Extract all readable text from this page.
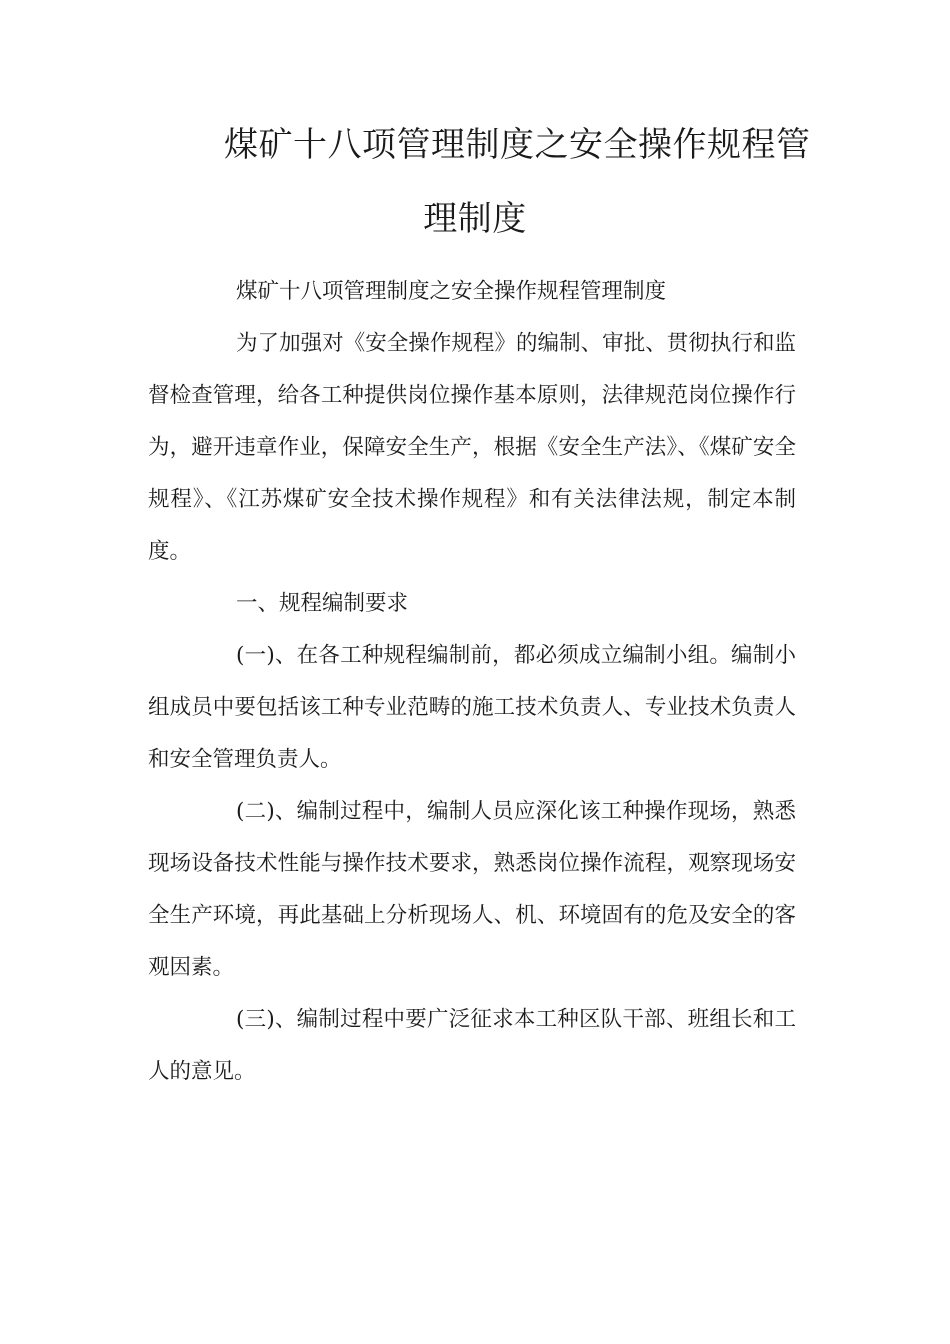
煤矿十八项管理制度之安全操作规程管
理制度

煤矿十八项管理制度之安全操作规程管理制度

为了加强对《安全操作规程》的编制、审批、贯彻执行和监督检查管理，给各工种提供岗位操作基本原则，法律规范岗位操作行为，避开违章作业，保障安全生产，根据《安全生产法》、《煤矿安全规程》、《江苏煤矿安全技术操作规程》和有关法律法规，制定本制度。

一、规程编制要求

(一)、在各工种规程编制前，都必须成立编制小组。编制小组成员中要包括该工种专业范畴的施工技术负责人、专业技术负责人和安全管理负责人。

(二)、编制过程中，编制人员应深化该工种操作现场，熟悉现场设备技术性能与操作技术要求，熟悉岗位操作流程，观察现场安全生产环境，再此基础上分析现场人、机、环境固有的危及安全的客观因素。

(三)、编制过程中要广泛征求本工种区队干部、班组长和工人的意见。
